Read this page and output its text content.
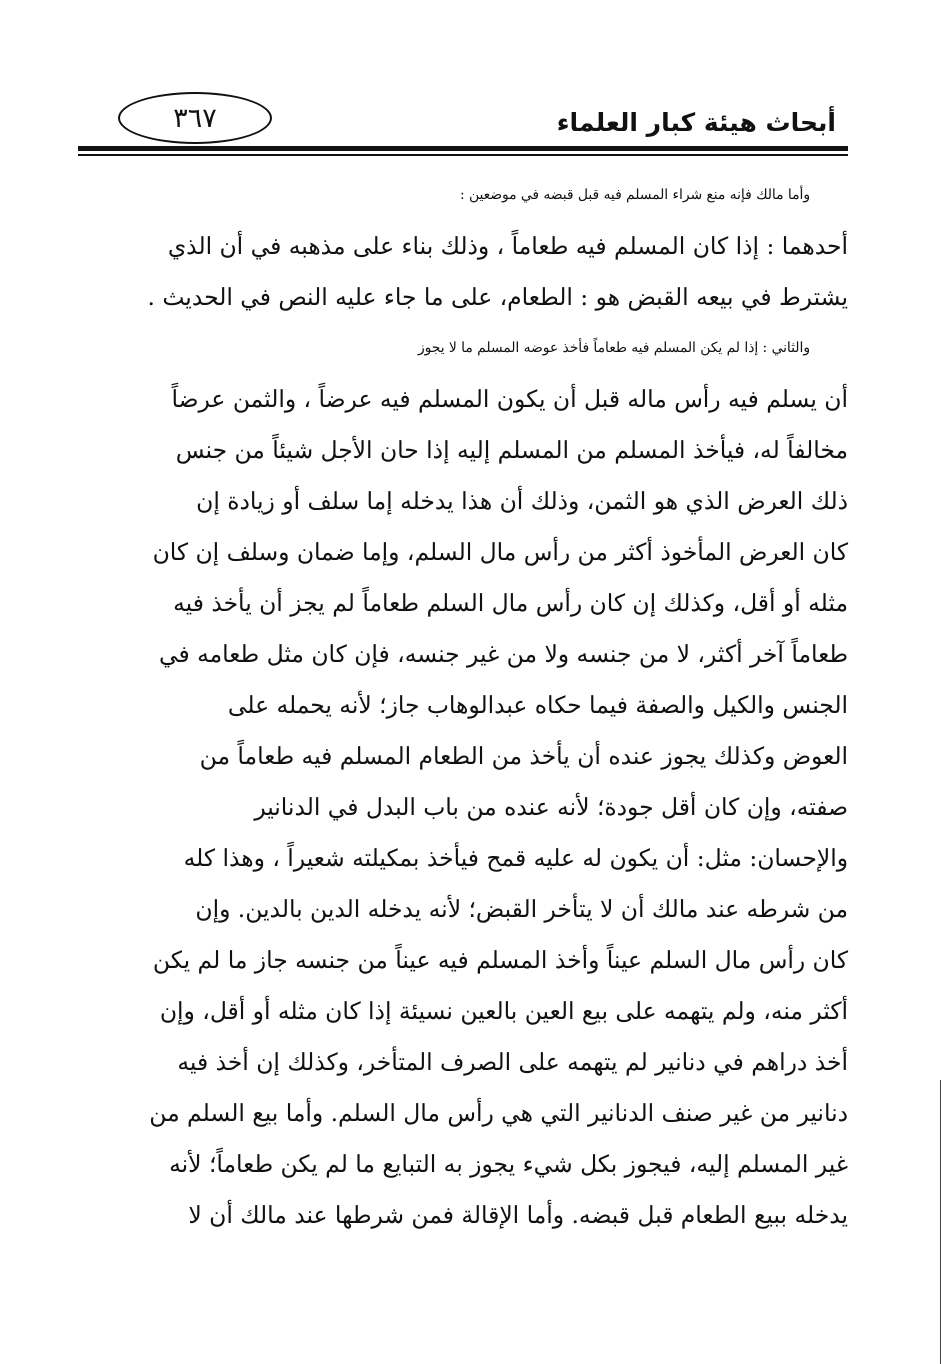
أبحاث هيئة كبار العلماء
٣٦٧
وأما مالك فإنه منع شراء المسلم فيه قبل قبضه في موضعين :
أحدهما : إذا كان المسلم فيه طعاماً ، وذلك بناء على مذهبه في أن الذي
يشترط في بيعه القبض هو : الطعام، على ما جاء عليه النص في الحديث .
والثاني : إذا لم يكن المسلم فيه طعاماً فأخذ عوضه المسلم ما لا يجوز
أن يسلم فيه رأس ماله قبل أن يكون المسلم فيه عرضاً ، والثمن عرضاً
مخالفاً له، فيأخذ المسلم من المسلم إليه إذا حان الأجل شيئاً من جنس
ذلك العرض الذي هو الثمن، وذلك أن هذا يدخله إما سلف أو زيادة إن
كان العرض المأخوذ أكثر من رأس مال السلم، وإما ضمان وسلف إن كان
مثله أو أقل، وكذلك إن كان رأس مال السلم طعاماً لم يجز أن يأخذ فيه
طعاماً آخر أكثر، لا من جنسه ولا من غير جنسه، فإن كان مثل طعامه في
الجنس والكيل والصفة فيما حكاه عبدالوهاب جاز؛ لأنه يحمله على
العوض وكذلك يجوز عنده أن يأخذ من الطعام المسلم فيه طعاماً من
صفته، وإن كان أقل جودة؛ لأنه عنده من باب البدل في الدنانير
والإحسان: مثل: أن يكون له عليه قمح فيأخذ بمكيلته شعيراً ، وهذا كله
من شرطه عند مالك أن لا يتأخر القبض؛ لأنه يدخله الدين بالدين. وإن
كان رأس مال السلم عيناً وأخذ المسلم فيه عيناً من جنسه جاز ما لم يكن
أكثر منه، ولم يتهمه على بيع العين بالعين نسيئة إذا كان مثله أو أقل، وإن
أخذ دراهم في دنانير لم يتهمه على الصرف المتأخر، وكذلك إن أخذ فيه
دنانير من غير صنف الدنانير التي هي رأس مال السلم. وأما بيع السلم من
غير المسلم إليه، فيجوز بكل شيء يجوز به التبايع ما لم يكن طعاماً؛ لأنه
يدخله ببيع الطعام قبل قبضه. وأما الإقالة فمن شرطها عند مالك أن لا
